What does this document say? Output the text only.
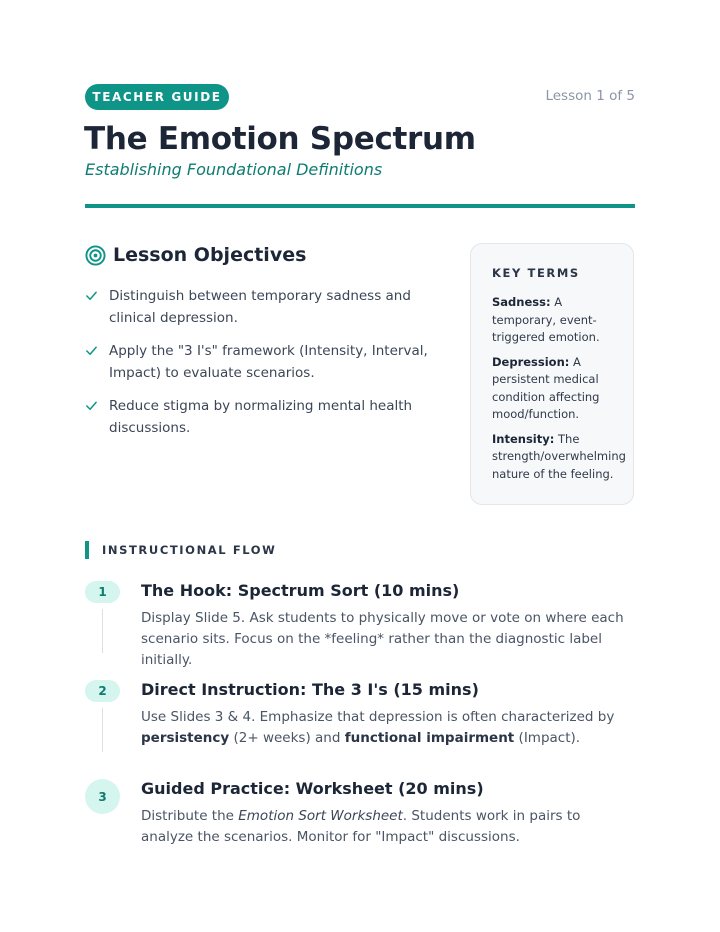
TEACHER GUIDE	Lesson 1 of 5
The Emotion Spectrum
Establishing Foundational Definitions
Lesson Objectives
Distinguish between temporary sadness and clinical depression.
Apply the "3 I's" framework (Intensity, Interval, Impact) to evaluate scenarios.
Reduce stigma by normalizing mental health discussions.
KEY TERMS
Sadness: A temporary, event-triggered emotion.
Depression: A persistent medical condition affecting mood/function.
Intensity: The strength/overwhelming nature of the feeling.
INSTRUCTIONAL FLOW
1	The Hook: Spectrum Sort (10 mins)
Display Slide 5. Ask students to physically move or vote on where each scenario sits. Focus on the *feeling* rather than the diagnostic label initially.
2	Direct Instruction: The 3 I's (15 mins)
Use Slides 3 & 4. Emphasize that depression is often characterized by persistency (2+ weeks) and functional impairment (Impact).
3	Guided Practice: Worksheet (20 mins)
Distribute the Emotion Sort Worksheet. Students work in pairs to analyze the scenarios. Monitor for "Impact" discussions.
